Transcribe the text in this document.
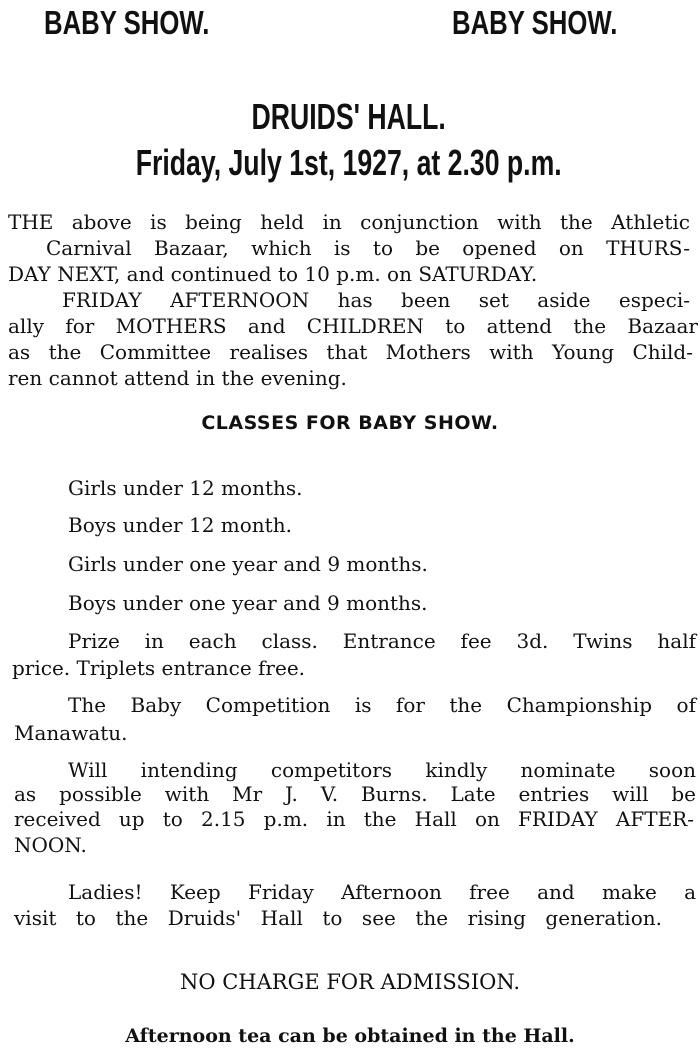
BABY SHOW.	BABY SHOW.
DRUIDS' HALL.
Friday, July 1st, 1927, at 2.30 p.m.
THE above is being held in conjunction with the Athletic
Carnival Bazaar, which is to be opened on THURS-
DAY NEXT, and continued to 10 p.m. on SATURDAY.
FRIDAY AFTERNOON has been set aside especi-
ally for MOTHERS and CHILDREN to attend the Bazaar
as the Committee realises that Mothers with Young Child-
ren cannot attend in the evening.
CLASSES FOR BABY SHOW.
Girls under 12 months.
Boys under 12 month.
Girls under one year and 9 months.
Boys under one year and 9 months.
Prize in each class. Entrance fee 3d. Twins half
price. Triplets entrance free.
The Baby Competition is for the Championship of
Manawatu.
Will intending competitors kindly nominate soon
as possible with Mr J. V. Burns. Late entries will be
received up to 2.15 p.m. in the Hall on FRIDAY AFTER-
NOON.
Ladies! Keep Friday Afternoon free and make a
visit to the Druids' Hall to see the rising generation.
NO CHARGE FOR ADMISSION.
Afternoon tea can be obtained in the Hall.
